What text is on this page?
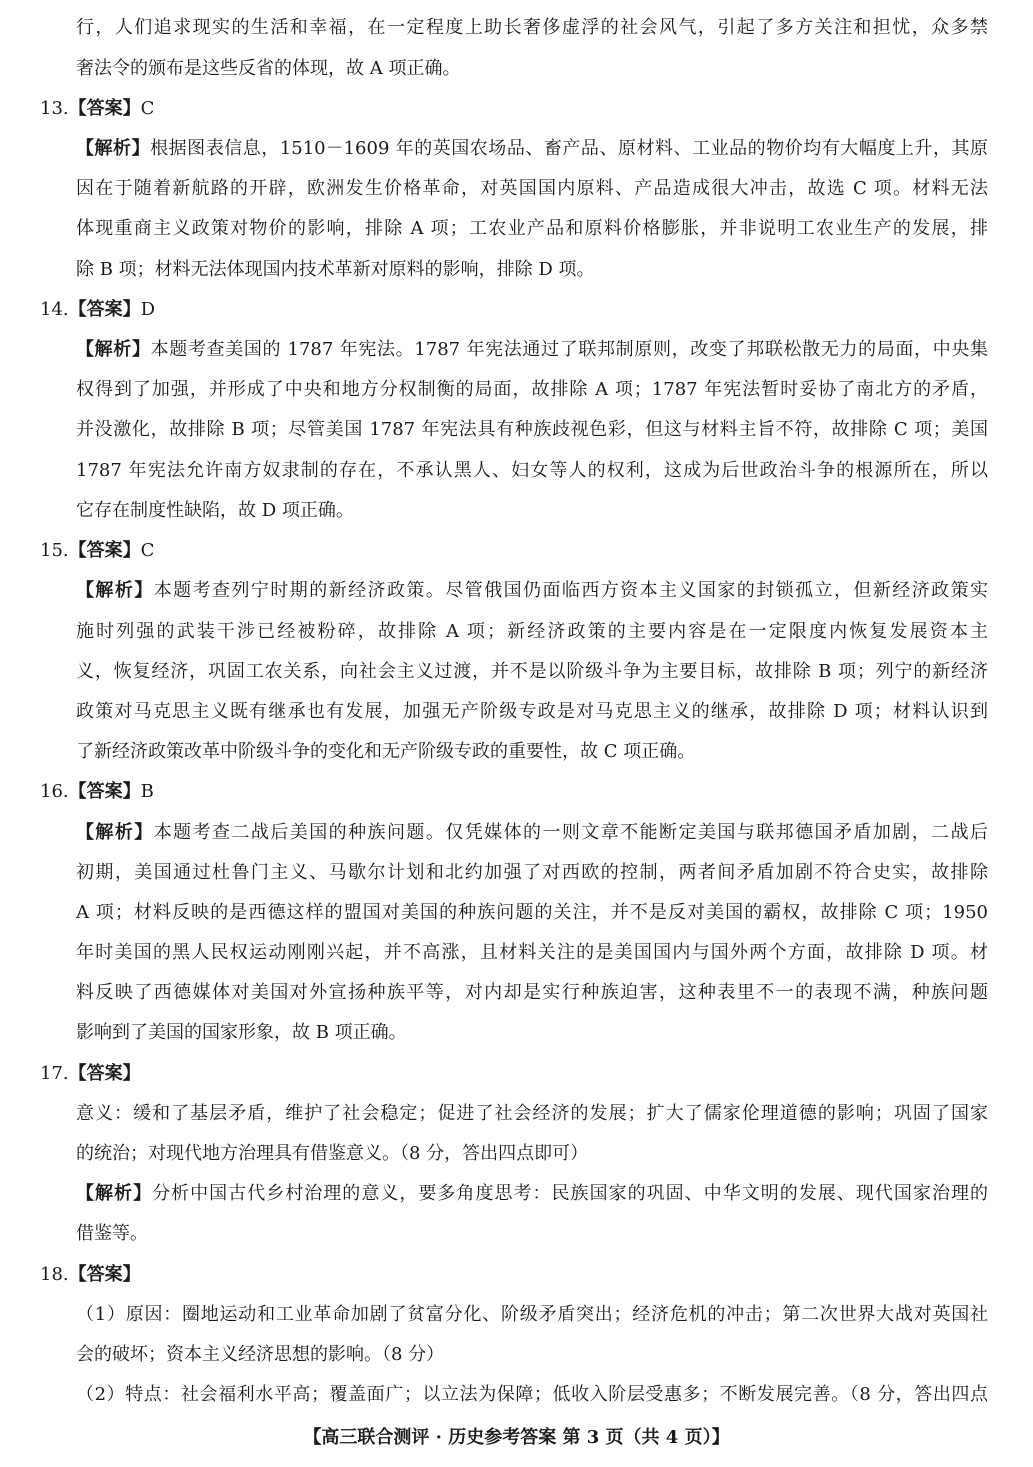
行，人们追求现实的生活和幸福，在一定程度上助长奢侈虚浮的社会风气，引起了多方关注和担忧，众多禁
奢法令的颁布是这些反省的体现，故 A 项正确。
13.【答案】C
【解析】根据图表信息，1510－1609 年的英国农场品、畜产品、原材料、工业品的物价均有大幅度上升，其原
因在于随着新航路的开辟，欧洲发生价格革命，对英国国内原料、产品造成很大冲击，故选 C 项。材料无法
体现重商主义政策对物价的影响，排除 A 项；工农业产品和原料价格膨胀，并非说明工农业生产的发展，排
除 B 项；材料无法体现国内技术革新对原料的影响，排除 D 项。
14.【答案】D
【解析】本题考查美国的 1787 年宪法。1787 年宪法通过了联邦制原则，改变了邦联松散无力的局面，中央集
权得到了加强，并形成了中央和地方分权制衡的局面，故排除 A 项；1787 年宪法暂时妥协了南北方的矛盾，
并没激化，故排除 B 项；尽管美国 1787 年宪法具有种族歧视色彩，但这与材料主旨不符，故排除 C 项；美国
1787 年宪法允许南方奴隶制的存在，不承认黑人、妇女等人的权利，这成为后世政治斗争的根源所在，所以
它存在制度性缺陷，故 D 项正确。
15.【答案】C
【解析】本题考查列宁时期的新经济政策。尽管俄国仍面临西方资本主义国家的封锁孤立，但新经济政策实
施时列强的武装干涉已经被粉碎，故排除 A 项；新经济政策的主要内容是在一定限度内恢复发展资本主
义，恢复经济，巩固工农关系，向社会主义过渡，并不是以阶级斗争为主要目标，故排除 B 项；列宁的新经济
政策对马克思主义既有继承也有发展，加强无产阶级专政是对马克思主义的继承，故排除 D 项；材料认识到
了新经济政策改革中阶级斗争的变化和无产阶级专政的重要性，故 C 项正确。
16.【答案】B
【解析】本题考查二战后美国的种族问题。仅凭媒体的一则文章不能断定美国与联邦德国矛盾加剧，二战后
初期，美国通过杜鲁门主义、马歇尔计划和北约加强了对西欧的控制，两者间矛盾加剧不符合史实，故排除
A 项；材料反映的是西德这样的盟国对美国的种族问题的关注，并不是反对美国的霸权，故排除 C 项；1950
年时美国的黑人民权运动刚刚兴起，并不高涨，且材料关注的是美国国内与国外两个方面，故排除 D 项。材
料反映了西德媒体对美国对外宣扬种族平等，对内却是实行种族迫害，这种表里不一的表现不满，种族问题
影响到了美国的国家形象，故 B 项正确。
17.【答案】
意义：缓和了基层矛盾，维护了社会稳定；促进了社会经济的发展；扩大了儒家伦理道德的影响；巩固了国家
的统治；对现代地方治理具有借鉴意义。（8 分，答出四点即可）
【解析】分析中国古代乡村治理的意义，要多角度思考：民族国家的巩固、中华文明的发展、现代国家治理的
借鉴等。
18.【答案】
（1）原因：圈地运动和工业革命加剧了贫富分化、阶级矛盾突出；经济危机的冲击；第二次世界大战对英国社
会的破坏；资本主义经济思想的影响。（8 分）
（2）特点：社会福利水平高；覆盖面广；以立法为保障；低收入阶层受惠多；不断发展完善。（8 分，答出四点
【高三联合测评 · 历史参考答案 第 3 页（共 4 页）】
